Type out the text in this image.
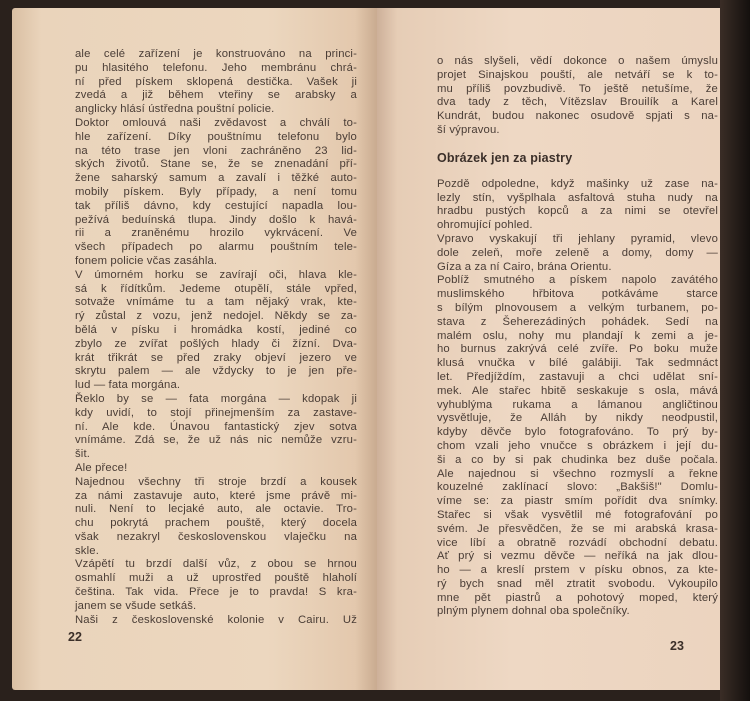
ale celé zařízení je konstruováno na princi-
pu hlasitého telefonu. Jeho membránu chrá-
ní před pískem sklopená destička. Vašek ji
zvedá a již během vteřiny se arabsky a
anglicky hlásí ústředna pouštní policie.
Doktor omlouvá naši zvědavost a chválí to-
hle zařízení. Díky pouštnímu telefonu bylo
na této trase jen vloni zachráněno 23 lid-
ských životů. Stane se, že se znenadání pří-
žene saharský samum a zavalí i těžké auto-
mobily pískem. Byly případy, a není tomu
tak příliš dávno, kdy cestující napadla lou-
pežívá beduínská tlupa. Jindy došlo k havá-
rii a zraněnému hrozilo vykrvácení. Ve
všech případech po alarmu pouštním tele-
fonem policie včas zasáhla.
V úmorném horku se zavírají oči, hlava kle-
sá k řídítkům. Jedeme otupělí, stále vpřed,
sotvaže vnímáme tu a tam nějaký vrak, kte-
rý zůstal z vozu, jenž nedojel. Někdy se za-
bělá v písku i hromádka kostí, jediné co
zbylo ze zvířat pošlých hlady či žízní. Dva-
krát třikrát se před zraky objeví jezero ve
skrytu palem — ale vždycky to je jen pře-
lud — fata morgána.
Řeklo by se — fata morgána — kdopak ji
kdy uvidí, to stojí přinejmenším za zastave-
ní. Ale kde. Únavou fantastický zjev sotva
vnímáme. Zdá se, že už nás nic nemůže vzru-
šit.
Ale přece!
Najednou všechny tři stroje brzdí a kousek
za námi zastavuje auto, které jsme právě mi-
nuli. Není to lecjaké auto, ale octavie. Tro-
chu pokrytá prachem pouště, který docela
však nezakryl československou vlaječku na
skle.
Vzápětí tu brzdí další vůz, z obou se hrnou
osmahlí muži a už uprostřed pouště hlaholí
čeština. Tak vida. Přece je to pravda! S kra-
janem se všude setkáš.
Naši z československé kolonie v Cairu. Už
22
o nás slyšeli, vědí dokonce o našem úmyslu
projet Sinajskou pouští, ale netváří se k to-
mu příliš povzbudivě. To ještě netušíme, že
dva tady z těch, Vítězslav Brouilík a Karel
Kundrát, budou nakonec osudově spjati s na-
ší výpravou.
Obrázek jen za piastry
Pozdě odpoledne, když mašinky už zase na-
lezly stín, vyšplhala asfaltová stuha nudy na
hradbu pustých kopců a za nimi se otevřel
ohromující pohled.
Vpravo vyskakují tři jehlany pyramid, vlevo
dole zeleň, moře zeleně a domy, domy —
Gíza a za ní Cairo, brána Orientu.
Poblíž smutného a pískem napolo zavátého
muslimského hřbitova potkáváme starce
s bílým plnovousem a velkým turbanem, po-
stava z Šeherezádiných pohádek. Sedí na
malém oslu, nohy mu plandají k zemi a je-
ho burnus zakrývá celé zvíře. Po boku muže
klusá vnučka v bílé galábiji. Tak sedmnáct
let. Předjíždím, zastavuji a chci udělat sní-
mek. Ale stařec hbitě seskakuje s osla, mává
vyhublýma rukama a lámanou angličtinou
vysvětluje, že Alláh by nikdy neodpustil,
kdyby děvče bylo fotografováno. To prý by-
chom vzali jeho vnučce s obrázkem i její du-
ši a co by si pak chudinka bez duše počala.
Ale najednou si všechno rozmyslí a řekne
kouzelné zaklínací slovo: „Bakšiš!" Domlu-
víme se: za piastr smím pořídit dva snímky.
Stařec si však vysvětlil mé fotografování po
svém. Je přesvědčen, že se mi arabská krasa-
vice líbí a obratně rozvádí obchodní debatu.
Ať prý si vezmu děvče — neříká na jak dlou-
ho — a kreslí prstem v písku obnos, za kte-
rý bych snad měl ztratit svobodu. Vykoupilo
mne pět piastrů a pohotový moped, který
plným plynem dohnal oba společníky.
23
